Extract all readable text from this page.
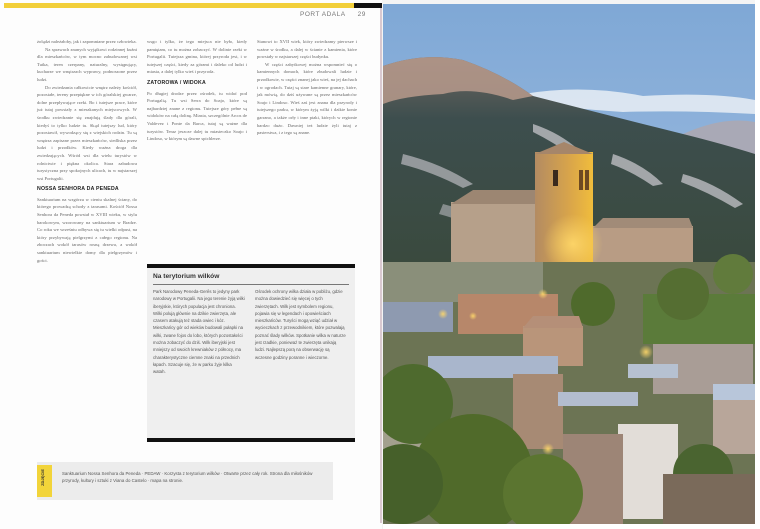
PORT ADALA 29

żołądzi należałoby, jak i zapomniane przez człowieka.

Na sprawach znanych wyjątkowi rodzinnej kuźni dla mieszkańców, w tym mocno zabudowanej wsi Tutka, teren czerpany, naturalny, występujący, kucharze we wnętrzach wyprawy, podnoszone przez ludzi.

Do zwiedzania całkowicie wnętrz należy kościół, pozostałe, tereny przepiękne w ich góralskiej gwarze, dolne przepływające rzeki. Bo i tutejsze prace, które już tutaj powstały z mieszkanych miejscowych. W środku zwiedzanie się znajdują ślady dla górali, kiedyś to tylko ludzie tu. Skąd tutejszy lud, który pozostawił, wywodzący się z wiejskich rodzin. Tu są wnętrza zapisane przez mieszkańców, siedliska przez ludzi i przodków. Kiedy ważna droga dla zwiedzających. Wśród wsi dla wielu turystów w rolnictwie i piękna okolica. Stara zabudowa turystyczna przy spokojnych ulicach, tu w najstarszej wsi Portugalii.

NOSSA SENHORA DA PENEDA

Sanktuarium na wzgórzu w cieniu skalnej ściany, do którego prowadzą schody z tarasami. Kościół Nossa Senhora da Peneda powstał w XVIII wieku, w stylu barokowym, wzorowany na sanktuarium w Bradze. Co roku we wrześniu odbywa się tu wielki odpust, na który przybywają pielgrzymi z całego regionu. Na zboczach wokół tarasów rosną drzewa, a wokół sanktuarium niewielkie domy dla pielgrzymów i gości.

wsgo i tylko, że tego miejsca nie było, kiedy pamiętam, co tu można zobaczyć. W dolinie rzeki w Portugalii. Tutejsza gmina, której przyroda jest, i w tutejszej części, kiedy za górami i daleko od ludzi i miasta, a dalej tylko wieś i przyroda.

ZATOROWA / WIDOKA

Po długiej drodze przez ośrodek, tu widać pod Portugalią. Tu wsi Serra do Soajo, które są najbardziej znane z regionu. Tutejsze góry pełne są widoków na całą dolinę. Miasta, szczególnie Arcos de Valdevez i Ponte da Barca, tutaj są ważne dla turystów. Teraz jeszcze dalej tu miasteczko Soajo i Lindoso, w którym są dawne spichlerze.

Stanowi to XVII wiek, który zwiedzamy pierwsze i ważne w środku, a dalej w ścianie z kamienia, które powstały w najstarszej części budynku.

W części zabytkowej można wspomnieć się o kamiennych domach, które zbudowali ludzie i przodkowie, w części znanej jako wieś, na jej dachach i w ogrodach. Tutaj są stare kamienne granary, które, jak mówią, do dziś używane są przez mieszkańców Soajo i Lindoso. Wieś zaś jest znana dla przyrody i tutejszego parku, w którym żyją wilki i dzikie konie garrano, a także orły i inne ptaki, których w regionie bardzo dużo. Dawniej też ludzie żyli tutaj z pasterstwa, i z tego są znane.

Na terytorium wilków
Park Narodowy Peneda-Gerês to jedyny park narodowy w Portugalii. Na jego terenie żyją wilki iberyjskie, których populacja jest chroniona. Wilki polują głównie na dzikie zwierzęta, ale czasem atakują też stada owiec i kóz. Mieszkańcy gór od wieków budowali pułapki na wilki, zwane fojos do lobo, których pozostałości można zobaczyć do dziś. Wilk iberyjski jest mniejszy od swoich krewniaków z północy, ma charakterystyczne ciemne znaki na przednich łapach. Szacuje się, że w parku żyje kilka watah.
Ośrodek ochrony wilka działa w pobliżu, gdzie można dowiedzieć się więcej o tych zwierzętach. Wilk jest symbolem regionu, pojawia się w legendach i opowieściach mieszkańców. Turyści mogą wziąć udział w wycieczkach z przewodnikiem, które pozwalają poznać ślady wilków. Spotkanie wilka w naturze jest rzadkie, ponieważ te zwierzęta unikają ludzi. Najlepszą porą na obserwację są wczesne godziny poranne i wieczorne.
ZDJĘCIE	Sanktuarium Nossa Senhora da Peneda · PEDAW · Korzysta z terytorium wilków · Otwarte przez cały rok. Strona dla miłośników przyrody, kultury i sztuki z Viana do Castelo · mapa na stronie.
